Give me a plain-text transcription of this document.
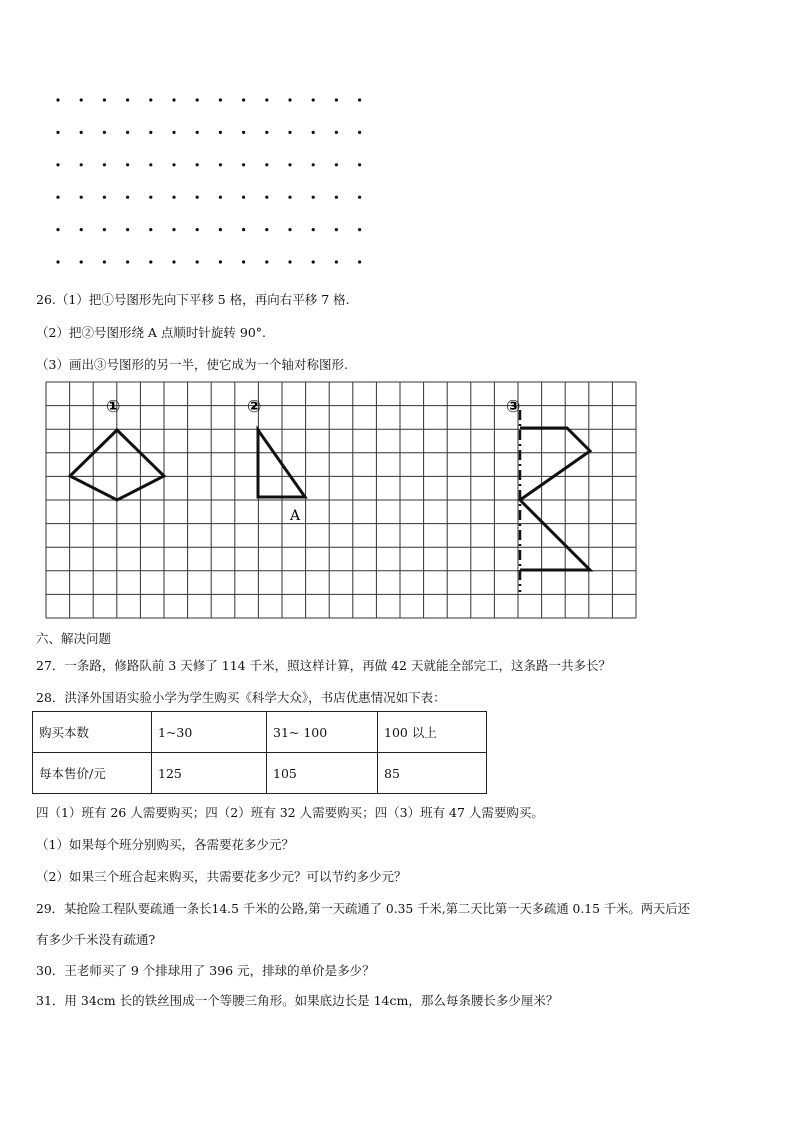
26.（1）把①号图形先向下平移 5 格，再向右平移 7 格.
（2）把②号图形绕 A 点顺时针旋转 90°.
（3）画出③号图形的另一半，使它成为一个轴对称图形.
①	②	③
A
六、解决问题
27．一条路，修路队前 3 天修了 114 千米，照这样计算，再做 42 天就能全部完工，这条路一共多长？
28．洪泽外国语实验小学为学生购买《科学大众》，书店优惠情况如下表：
购买本数	1~30	31~ 100	100 以上
每本售价/元	125	105	85
四（1）班有 26 人需要购买；四（2）班有 32 人需要购买；四（3）班有 47 人需要购买。
（1）如果每个班分别购买，各需要花多少元？
（2）如果三个班合起来购买，共需要花多少元？可以节约多少元？
29．某抢险工程队要疏通一条长14.5 千米的公路,第一天疏通了 0.35 千米,第二天比第一天多疏通 0.15 千米。两天后还
有多少千米没有疏通?
30．王老师买了 9 个排球用了 396 元，排球的单价是多少？
31．用 34cm 长的铁丝围成一个等腰三角形。如果底边长是 14cm，那么每条腰长多少厘米？
